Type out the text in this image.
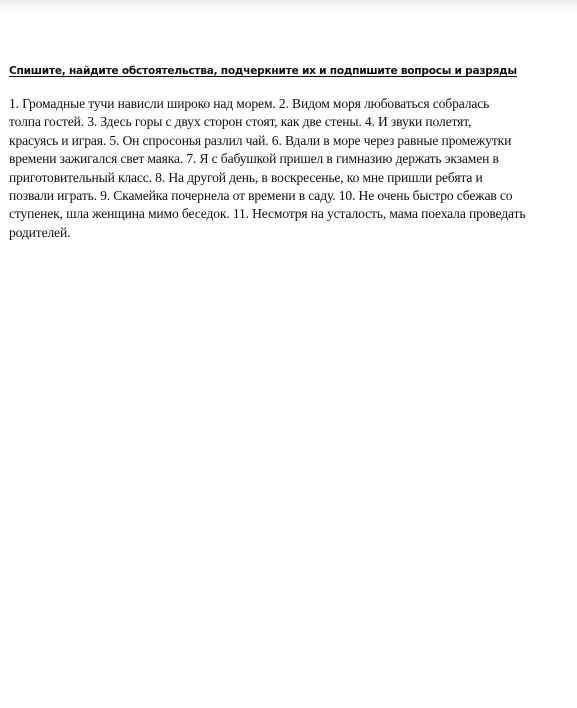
Спишите, найдите обстоятельства, подчеркните их и подпишите вопросы и разряды

1. Громадные тучи нависли широко над морем. 2. Видом моря любоваться собралась
толпа гостей. 3. Здесь горы с двух сторон стоят, как две стены. 4. И звуки полетят,
красуясь и играя. 5. Он спросонья разлил чай. 6. Вдали в море через равные промежутки
времени зажигался свет маяка. 7. Я с бабушкой пришел в гимназию держать экзамен в
приготовительный класс. 8. На другой день, в воскресенье, ко мне пришли ребята и
позвали играть. 9. Скамейка почернела от времени в саду. 10. Не очень быстро сбежав со
ступенек, шла женщина мимо беседок. 11. Несмотря на усталость, мама поехала проведать
родителей.
